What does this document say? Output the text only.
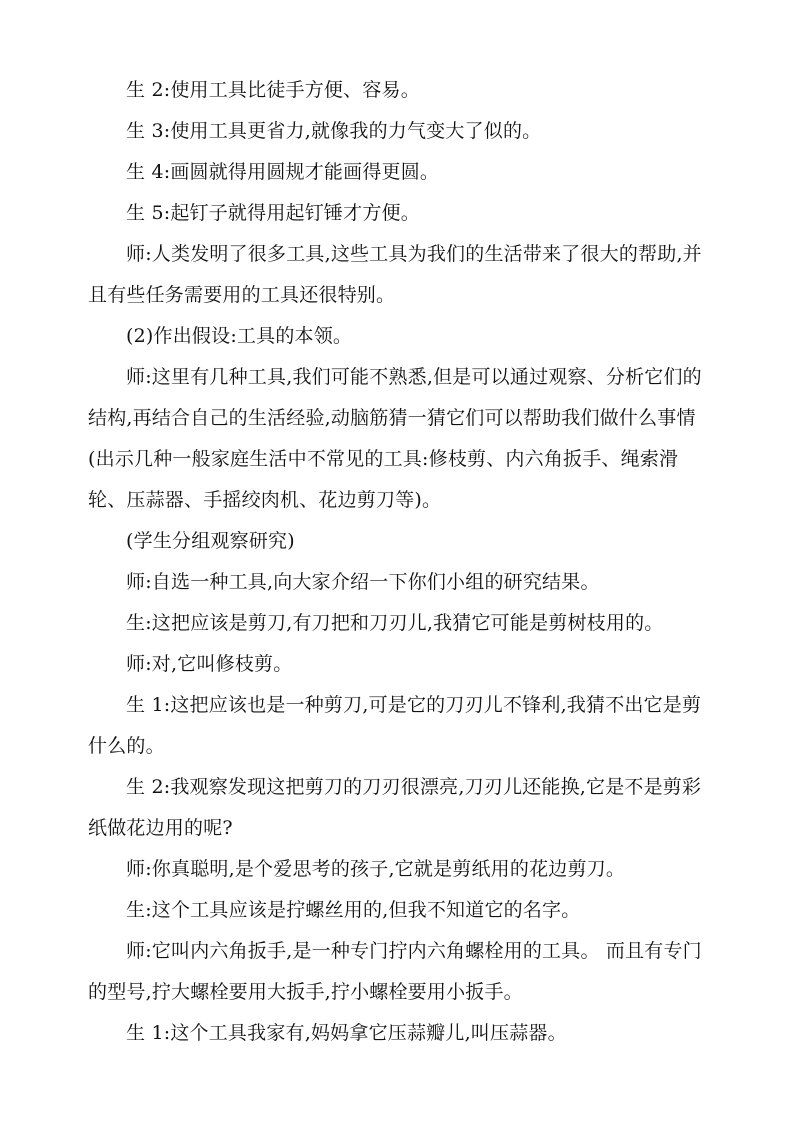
生 2:使用工具比徒手方便、容易。

生 3:使用工具更省力,就像我的力气变大了似的。

生 4:画圆就得用圆规才能画得更圆。

生 5:起钉子就得用起钉锤才方便。

师:人类发明了很多工具,这些工具为我们的生活带来了很大的帮助,并且有些任务需要用的工具还很特别。

(2)作出假设:工具的本领。

师:这里有几种工具,我们可能不熟悉,但是可以通过观察、分析它们的结构,再结合自己的生活经验,动脑筋猜一猜它们可以帮助我们做什么事情(出示几种一般家庭生活中不常见的工具:修枝剪、内六角扳手、绳索滑轮、压蒜器、手摇绞肉机、花边剪刀等)。

(学生分组观察研究)

师:自选一种工具,向大家介绍一下你们小组的研究结果。

生:这把应该是剪刀,有刀把和刀刃儿,我猜它可能是剪树枝用的。

师:对,它叫修枝剪。

生 1:这把应该也是一种剪刀,可是它的刀刃儿不锋利,我猜不出它是剪什么的。

生 2:我观察发现这把剪刀的刀刃很漂亮,刀刃儿还能换,它是不是剪彩纸做花边用的呢?

师:你真聪明,是个爱思考的孩子,它就是剪纸用的花边剪刀。

生:这个工具应该是拧螺丝用的,但我不知道它的名字。

师:它叫内六角扳手,是一种专门拧内六角螺栓用的工具。 而且有专门的型号,拧大螺栓要用大扳手,拧小螺栓要用小扳手。

生 1:这个工具我家有,妈妈拿它压蒜瓣儿,叫压蒜器。
